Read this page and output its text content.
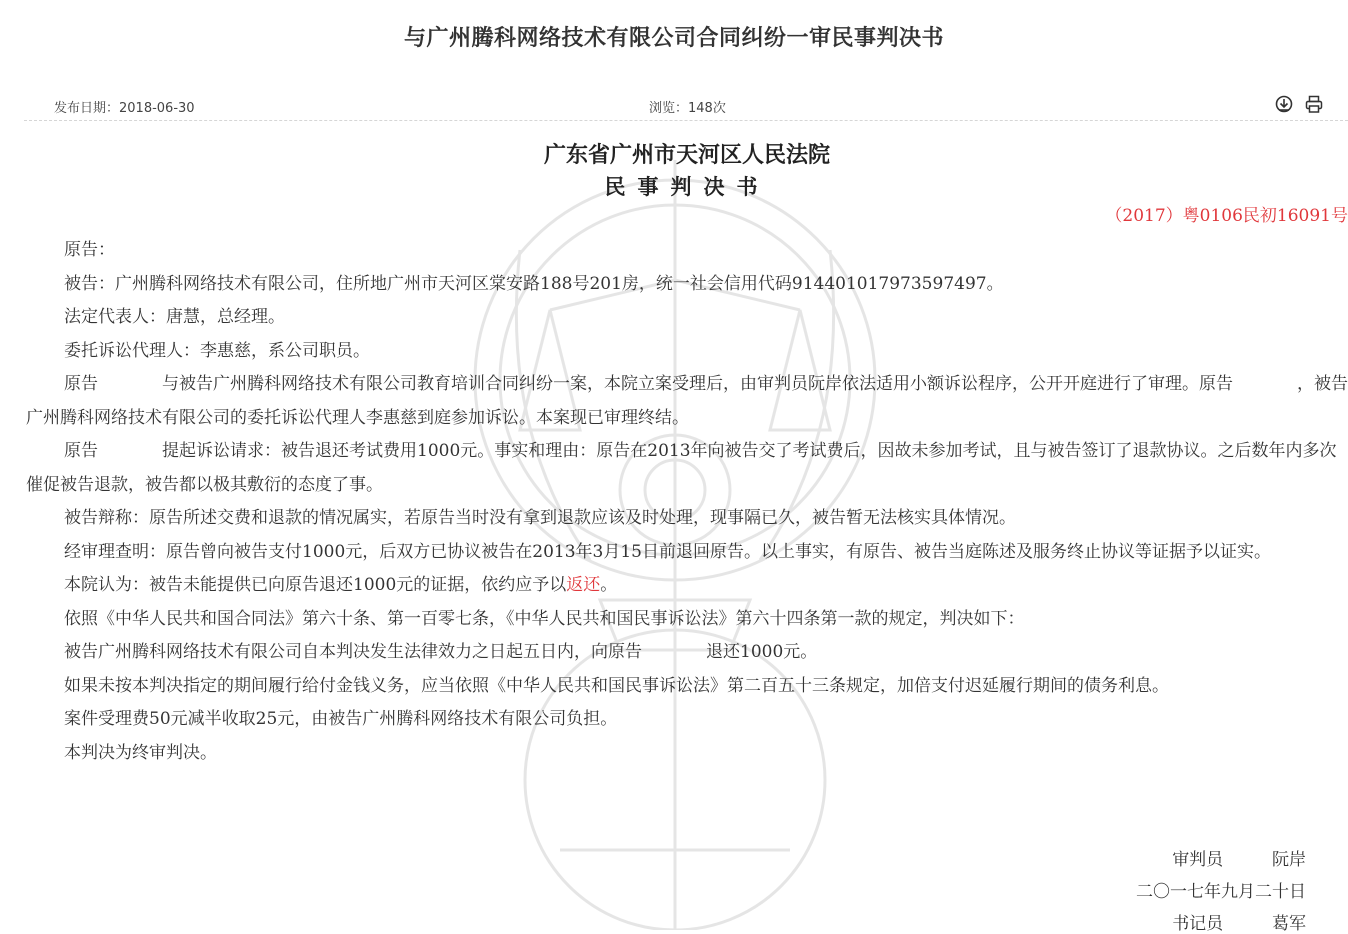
与广州腾科网络技术有限公司合同纠纷一审民事判决书
发布日期：2018-06-30	浏览：148次
广东省广州市天河区人民法院
民事判决书
（2017）粤0106民初16091号

原告：

被告：广州腾科网络技术有限公司，住所地广州市天河区棠安路188号201房，统一社会信用代码91440101797359749​7。

法定代表人：唐慧，总经理。

委托诉讼代理人：李惠慈，系公司职员。

原告	与被告广州腾科网络技术有限公司教育培训合同纠纷一案，本院立案受理后，由审判员阮岸依法适用小额诉讼程序，公开开庭进行了审理。原告	，被告广州腾科网络技术有限公司的委托诉讼代理人李惠慈到庭参加诉讼。本案现已审理终结。

原告	提起诉讼请求：被告退还考试费用1000元。事实和理由：原告在2013年向被告交了考试费后，因故未参加考试，且与被告签订了退款协议。之后数年内多次催促被告退款，被告都以极其敷衍的态度了事。

被告辩称：原告所述交费和退款的情况属实，若原告当时没有拿到退款应该及时处理，现事隔已久，被告暂无法核实具体情况。

经审理查明：原告曾向被告支付1000元，后双方已协议被告在2013年3月15日前退回原告。以上事实，有原告、被告当庭陈述及服务终止协议等证据予以证实。

本院认为：被告未能提供已向原告退还1000元的证据，依约应予以返还。

依照《中华人民共和国合同法》第六十条、第一百零七条，《中华人民共和国民事诉讼法》第六十四条第一款的规定，判决如下：

被告广州腾科网络技术有限公司自本判决发生法律效力之日起五日内，向原告	退还1000元。

如果未按本判决指定的期间履行给付金钱义务，应当依照《中华人民共和国民事诉讼法》第二百五十三条规定，加倍支付迟延履行期间的债务利息。

案件受理费50元减半收取25元，由被告广州腾科网络技术有限公司负担。

本判决为终审判决。

审判员	阮岸
二〇一七年九月二十日
书记员	葛军
